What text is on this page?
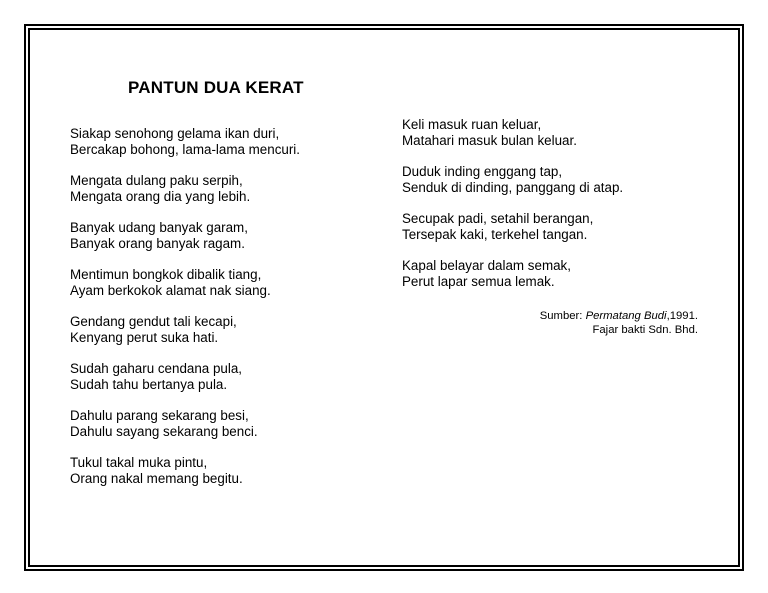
PANTUN DUA KERAT
Siakap senohong gelama ikan duri,
Bercakap bohong, lama-lama mencuri.
Mengata dulang paku serpih,
Mengata orang dia yang lebih.
Banyak udang banyak garam,
Banyak orang banyak ragam.
Mentimun bongkok dibalik tiang,
Ayam berkokok alamat nak siang.
Gendang gendut tali kecapi,
Kenyang perut suka hati.
Sudah gaharu cendana pula,
Sudah tahu bertanya pula.
Dahulu parang sekarang besi,
Dahulu sayang sekarang benci.
Tukul takal muka pintu,
Orang nakal memang begitu.
Keli masuk ruan keluar,
Matahari masuk bulan keluar.
Duduk inding enggang tap,
Senduk di dinding, panggang di atap.
Secupak padi, setahil berangan,
Tersepak kaki, terkehel tangan.
Kapal belayar dalam semak,
Perut lapar semua lemak.
Sumber: Permatang Budi,1991.
Fajar bakti Sdn. Bhd.
